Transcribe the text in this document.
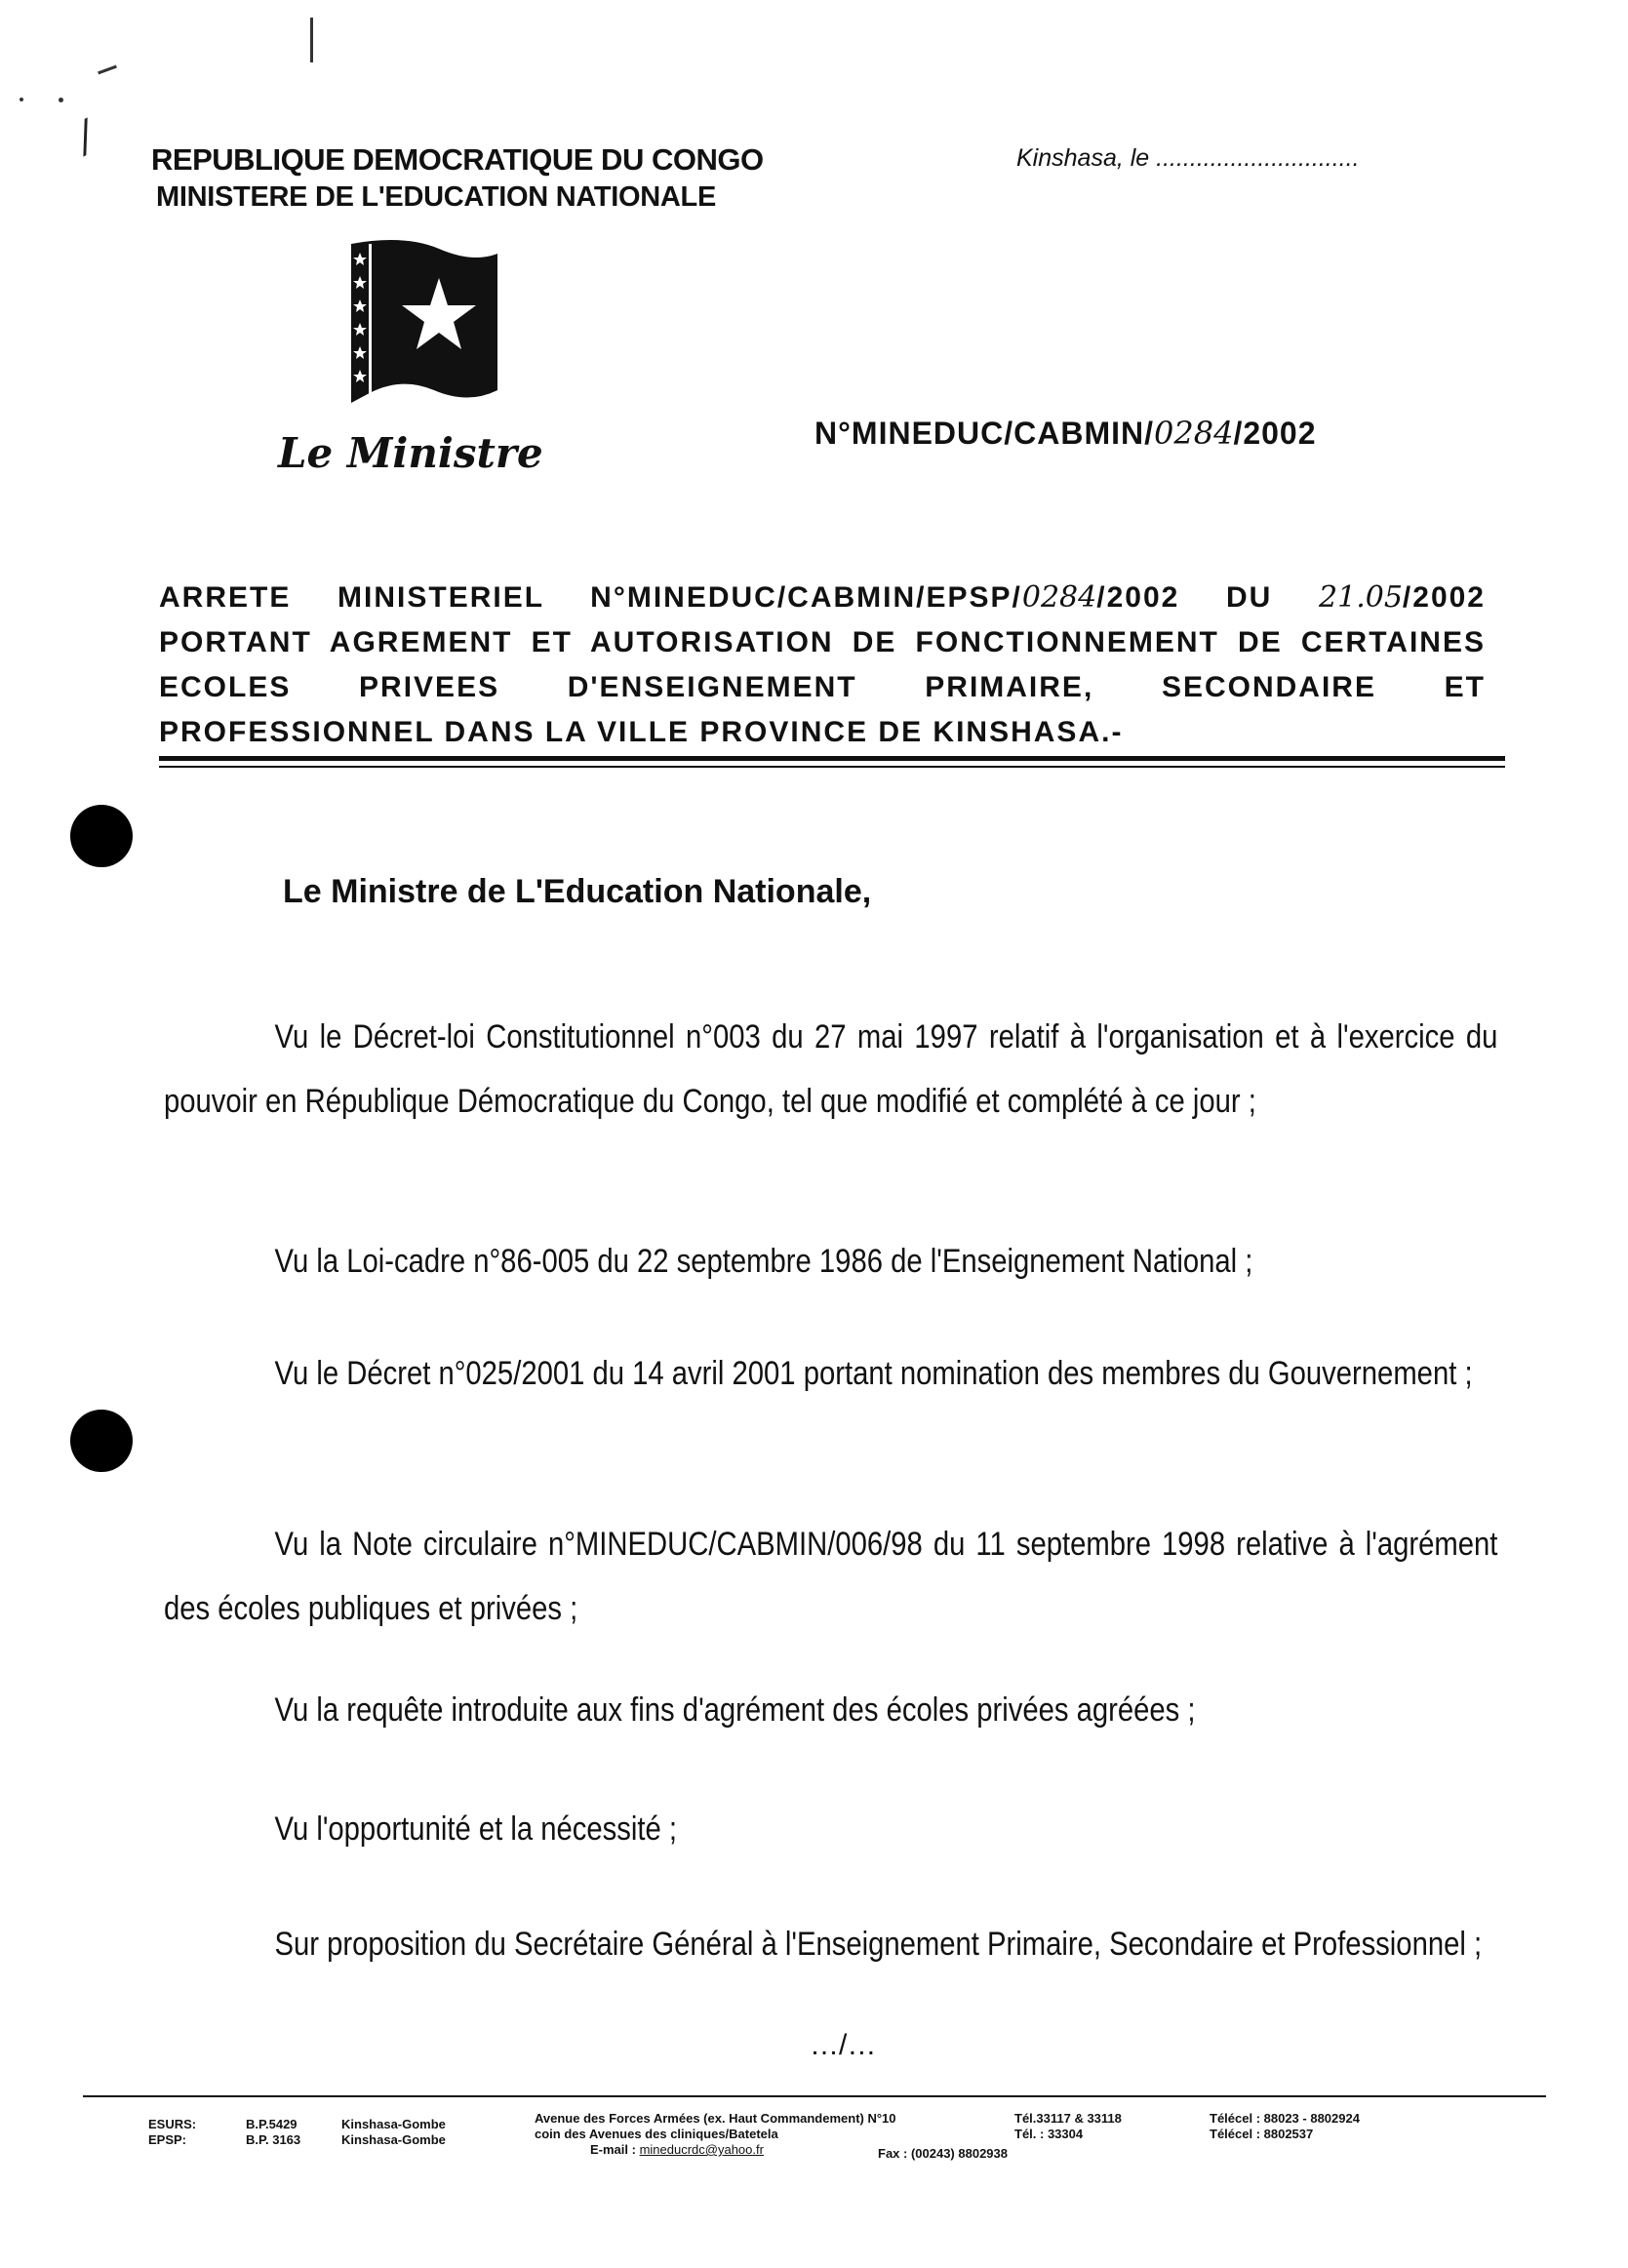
/ REPUBLIQUE DEMOCRATIQUE DU CONGO
MINISTERE DE L'EDUCATION NATIONALE
Kinshasa, le ..............................
Le Ministre	N°MINEDUC/CABMIN/0284/2002
ARRETE MINISTERIEL N°MINEDUC/CABMIN/EPSP/0284/2002 DU 21.05/2002
PORTANT AGREMENT ET AUTORISATION DE FONCTIONNEMENT DE CERTAINES
ECOLES PRIVEES D'ENSEIGNEMENT PRIMAIRE, SECONDAIRE ET
PROFESSIONNEL DANS LA VILLE PROVINCE DE KINSHASA.-
Le Ministre de L'Education Nationale,
Vu le Décret-loi Constitutionnel n°003 du 27 mai 1997 relatif à l'organisation et à l'exercice du pouvoir en République Démocratique du Congo, tel que modifié et complété à ce jour ;
Vu la Loi-cadre n°86-005 du 22 septembre 1986 de l'Enseignement National ;
Vu le Décret n°025/2001 du 14 avril 2001 portant nomination des membres du Gouvernement ;
Vu la Note circulaire n°MINEDUC/CABMIN/006/98 du 11 septembre 1998 relative à l'agrément des écoles publiques et privées ;
Vu la requête introduite aux fins d'agrément des écoles privées agréées ;
Vu l'opportunité et la nécessité ;
Sur proposition du Secrétaire Général à l'Enseignement Primaire, Secondaire et Professionnel ;
…/…
ESURS:
EPSP:
B.P.5429
B.P. 3163
Kinshasa-Gombe
Kinshasa-Gombe
Avenue des Forces Armées (ex. Haut Commandement) N°10
coin des Avenues des cliniques/Batetela
E-mail : mineducrdc@yahoo.fr
Tél.33117 & 33118
Tél. : 33304
Fax : (00243) 8802938
Télécel : 88023 - 8802924
Télécel : 8802537
